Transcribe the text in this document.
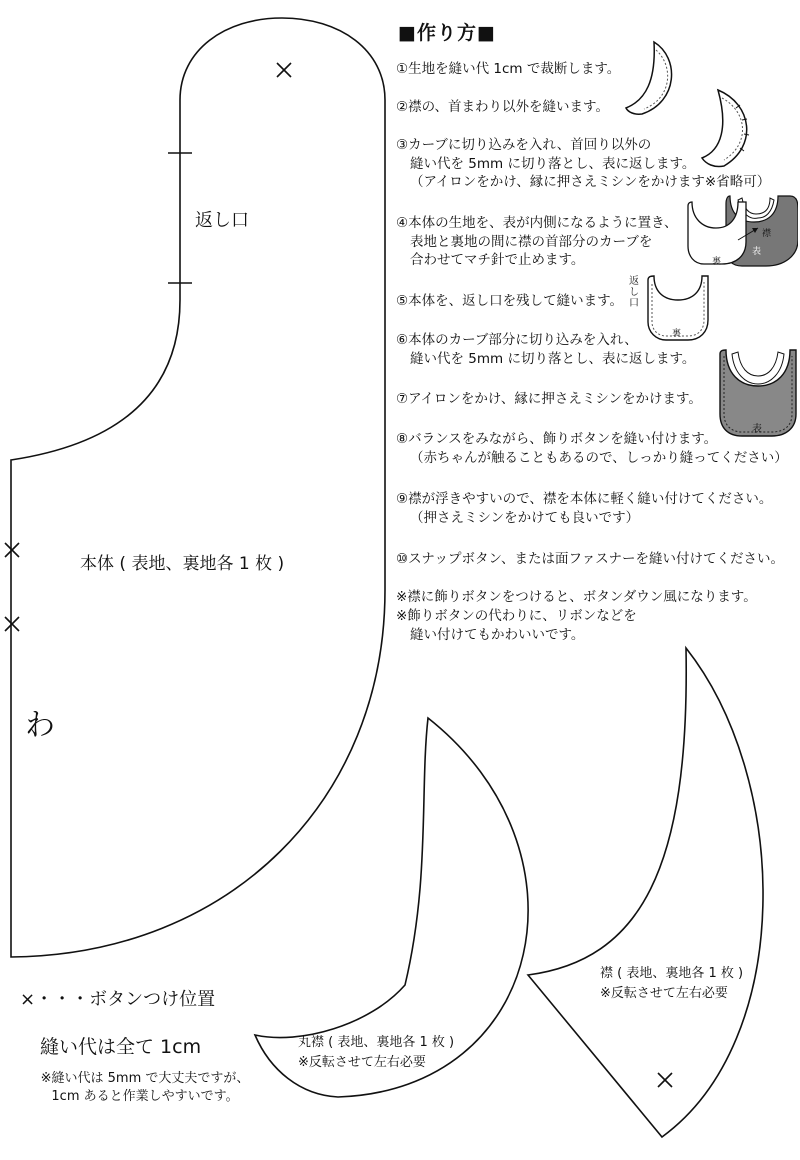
返し口
本体 ( 表地、裏地各 1 枚 )
わ
丸襟 ( 表地、裏地各 1 枚 )
※反転させて左右必要
襟 ( 表地、裏地各 1 枚 )
※反転させて左右必要
×・・・ボタンつけ位置
縫い代は全て 1cm
※縫い代は 5mm で大丈夫ですが、
1cm あると作業しやすいです。
■作り方■
①生地を縫い代 1cm で裁断します。
②襟の、首まわり以外を縫います。
③カーブに切り込みを入れ、首回り以外の
縫い代を 5mm に切り落とし、表に返します。
（アイロンをかけ、縁に押さえミシンをかけます※省略可）
④本体の生地を、表が内側になるように置き、
表地と裏地の間に襟の首部分のカーブを
合わせてマチ針で止めます。
⑤本体を、返し口を残して縫います。
⑥本体のカーブ部分に切り込みを入れ、
縫い代を 5mm に切り落とし、表に返します。
⑦アイロンをかけ、縁に押さえミシンをかけます。
⑧バランスをみながら、飾りボタンを縫い付けます。
（赤ちゃんが触ることもあるので、しっかり縫ってください）
⑨襟が浮きやすいので、襟を本体に軽く縫い付けてください。
（押さえミシンをかけても良いです）
⑩スナップボタン、または面ファスナーを縫い付けてください。
※襟に飾りボタンをつけると、ボタンダウン風になります。
※飾りボタンの代わりに、リボンなどを
縫い付けてもかわいいです。
襟
表
裏
返し口
裏
表
